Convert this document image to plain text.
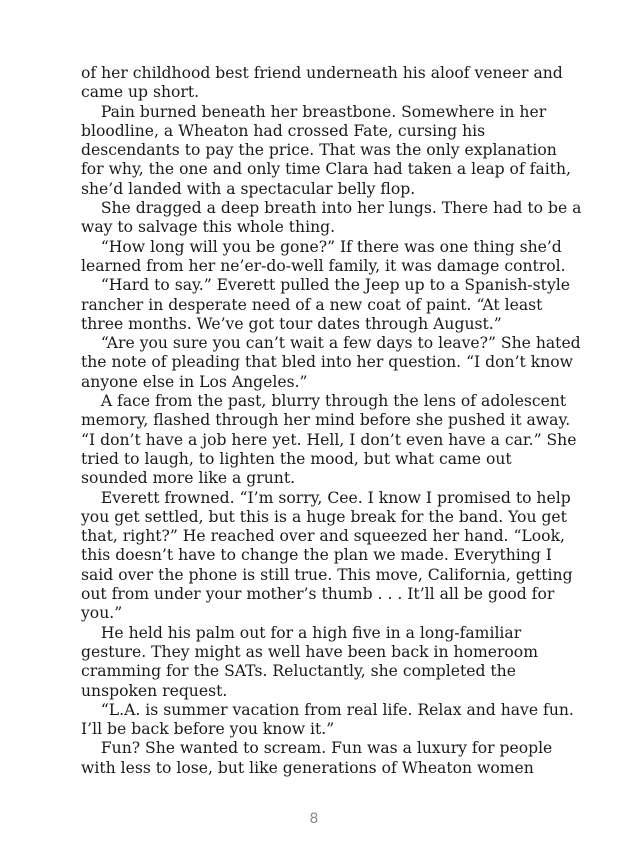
of her childhood best friend underneath his aloof veneer and
came up short.
Pain burned beneath her breastbone. Somewhere in her
bloodline, a Wheaton had crossed Fate, cursing his
descendants to pay the price. That was the only explanation
for why, the one and only time Clara had taken a leap of faith,
she’d landed with a spectacular belly flop.
She dragged a deep breath into her lungs. There had to be a
way to salvage this whole thing.
“How long will you be gone?” If there was one thing she’d
learned from her ne’er-do-well family, it was damage control.
“Hard to say.” Everett pulled the Jeep up to a Spanish-style
rancher in desperate need of a new coat of paint. “At least
three months. We’ve got tour dates through August.”
“Are you sure you can’t wait a few days to leave?” She hated
the note of pleading that bled into her question. “I don’t know
anyone else in Los Angeles.”
A face from the past, blurry through the lens of adolescent
memory, flashed through her mind before she pushed it away.
“I don’t have a job here yet. Hell, I don’t even have a car.” She
tried to laugh, to lighten the mood, but what came out
sounded more like a grunt.
Everett frowned. “I’m sorry, Cee. I know I promised to help
you get settled, but this is a huge break for the band. You get
that, right?” He reached over and squeezed her hand. “Look,
this doesn’t have to change the plan we made. Everything I
said over the phone is still true. This move, California, getting
out from under your mother’s thumb . . . It’ll all be good for
you.”
He held his palm out for a high five in a long-familiar
gesture. They might as well have been back in homeroom
cramming for the SATs. Reluctantly, she completed the
unspoken request.
“L.A. is summer vacation from real life. Relax and have fun.
I’ll be back before you know it.”
Fun? She wanted to scream. Fun was a luxury for people
with less to lose, but like generations of Wheaton women
8
